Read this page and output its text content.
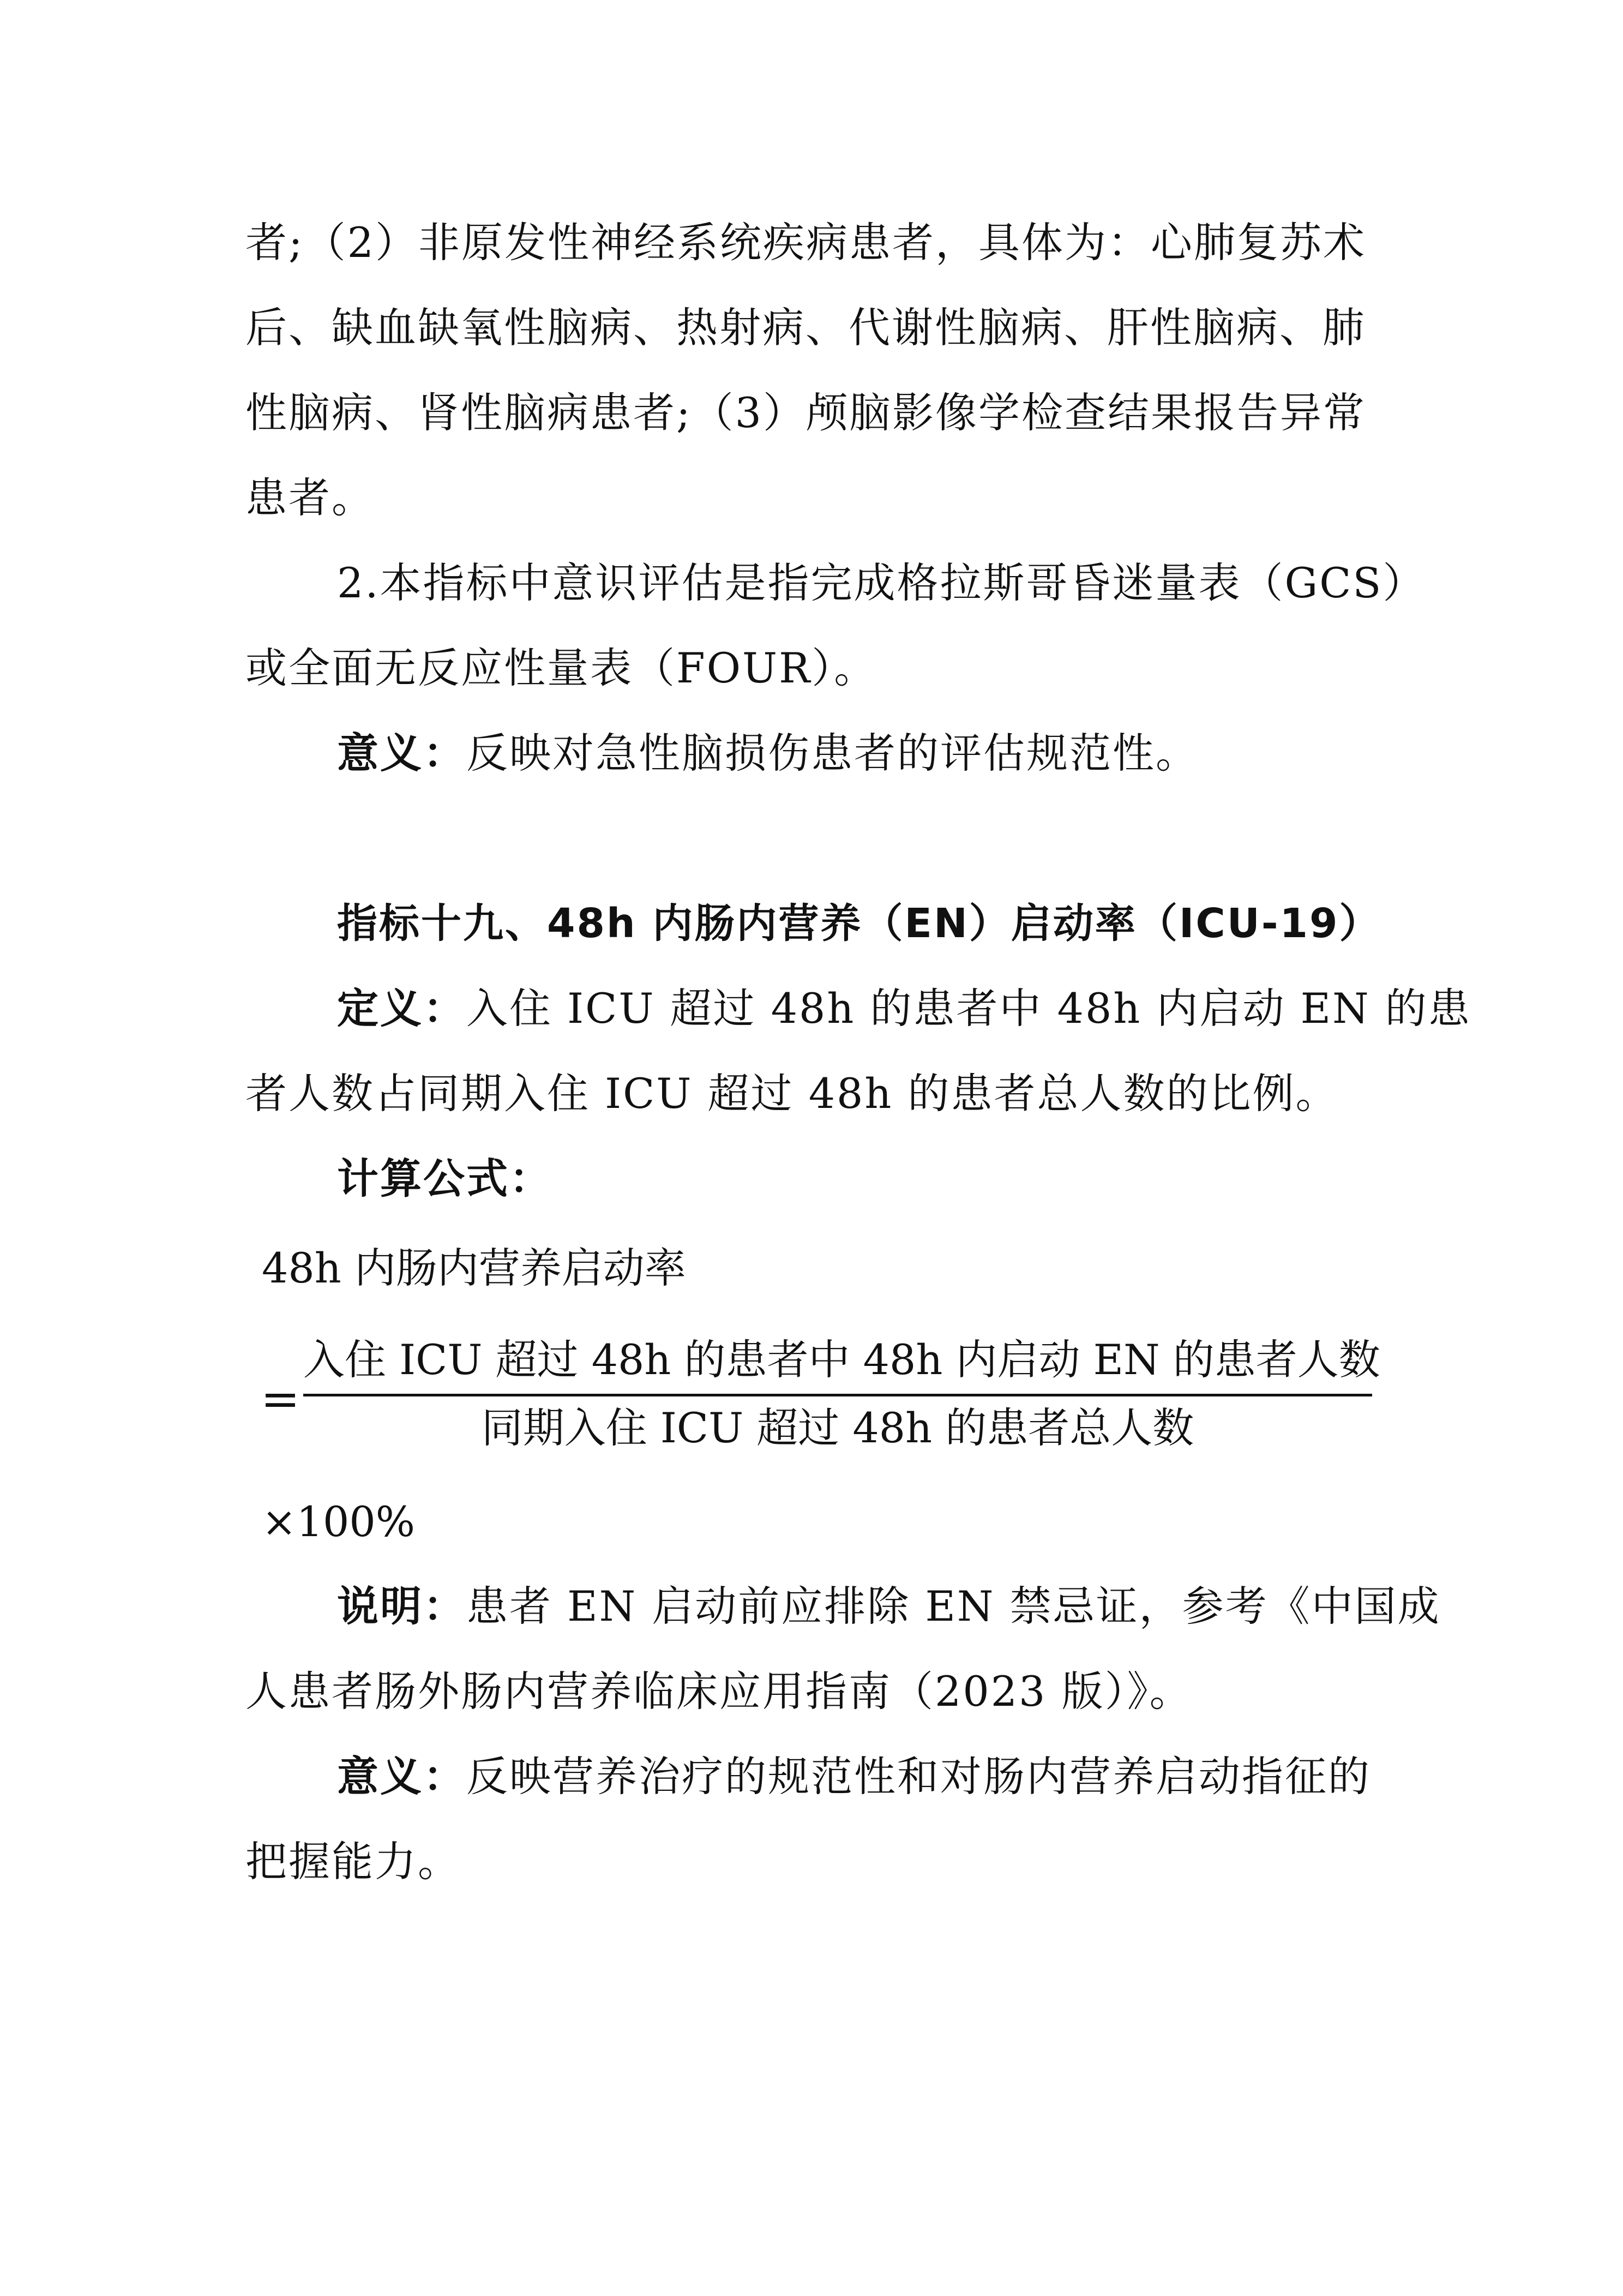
者;（2）非原发性神经系统疾病患者，具体为：心肺复苏术
后、缺血缺氧性脑病、热射病、代谢性脑病、肝性脑病、肺
性脑病、肾性脑病患者;（3）颅脑影像学检查结果报告异常
患者。
2.本指标中意识评估是指完成格拉斯哥昏迷量表（GCS）
或全面无反应性量表（FOUR）。
意义：反映对急性脑损伤患者的评估规范性。
指标十九、48h 内肠内营养（EN）启动率（ICU-19）
定义：入住 ICU 超过 48h 的患者中 48h 内启动 EN 的患
者人数占同期入住 ICU 超过 48h 的患者总人数的比例。
计算公式：
48h 内肠内营养启动率
=
入住 ICU 超过 48h 的患者中 48h 内启动 EN 的患者人数
同期入住 ICU 超过 48h 的患者总人数
×100%
说明：患者 EN 启动前应排除 EN 禁忌证，参考《中国成
人患者肠外肠内营养临床应用指南（2023 版）》。
意义：反映营养治疗的规范性和对肠内营养启动指征的
把握能力。
